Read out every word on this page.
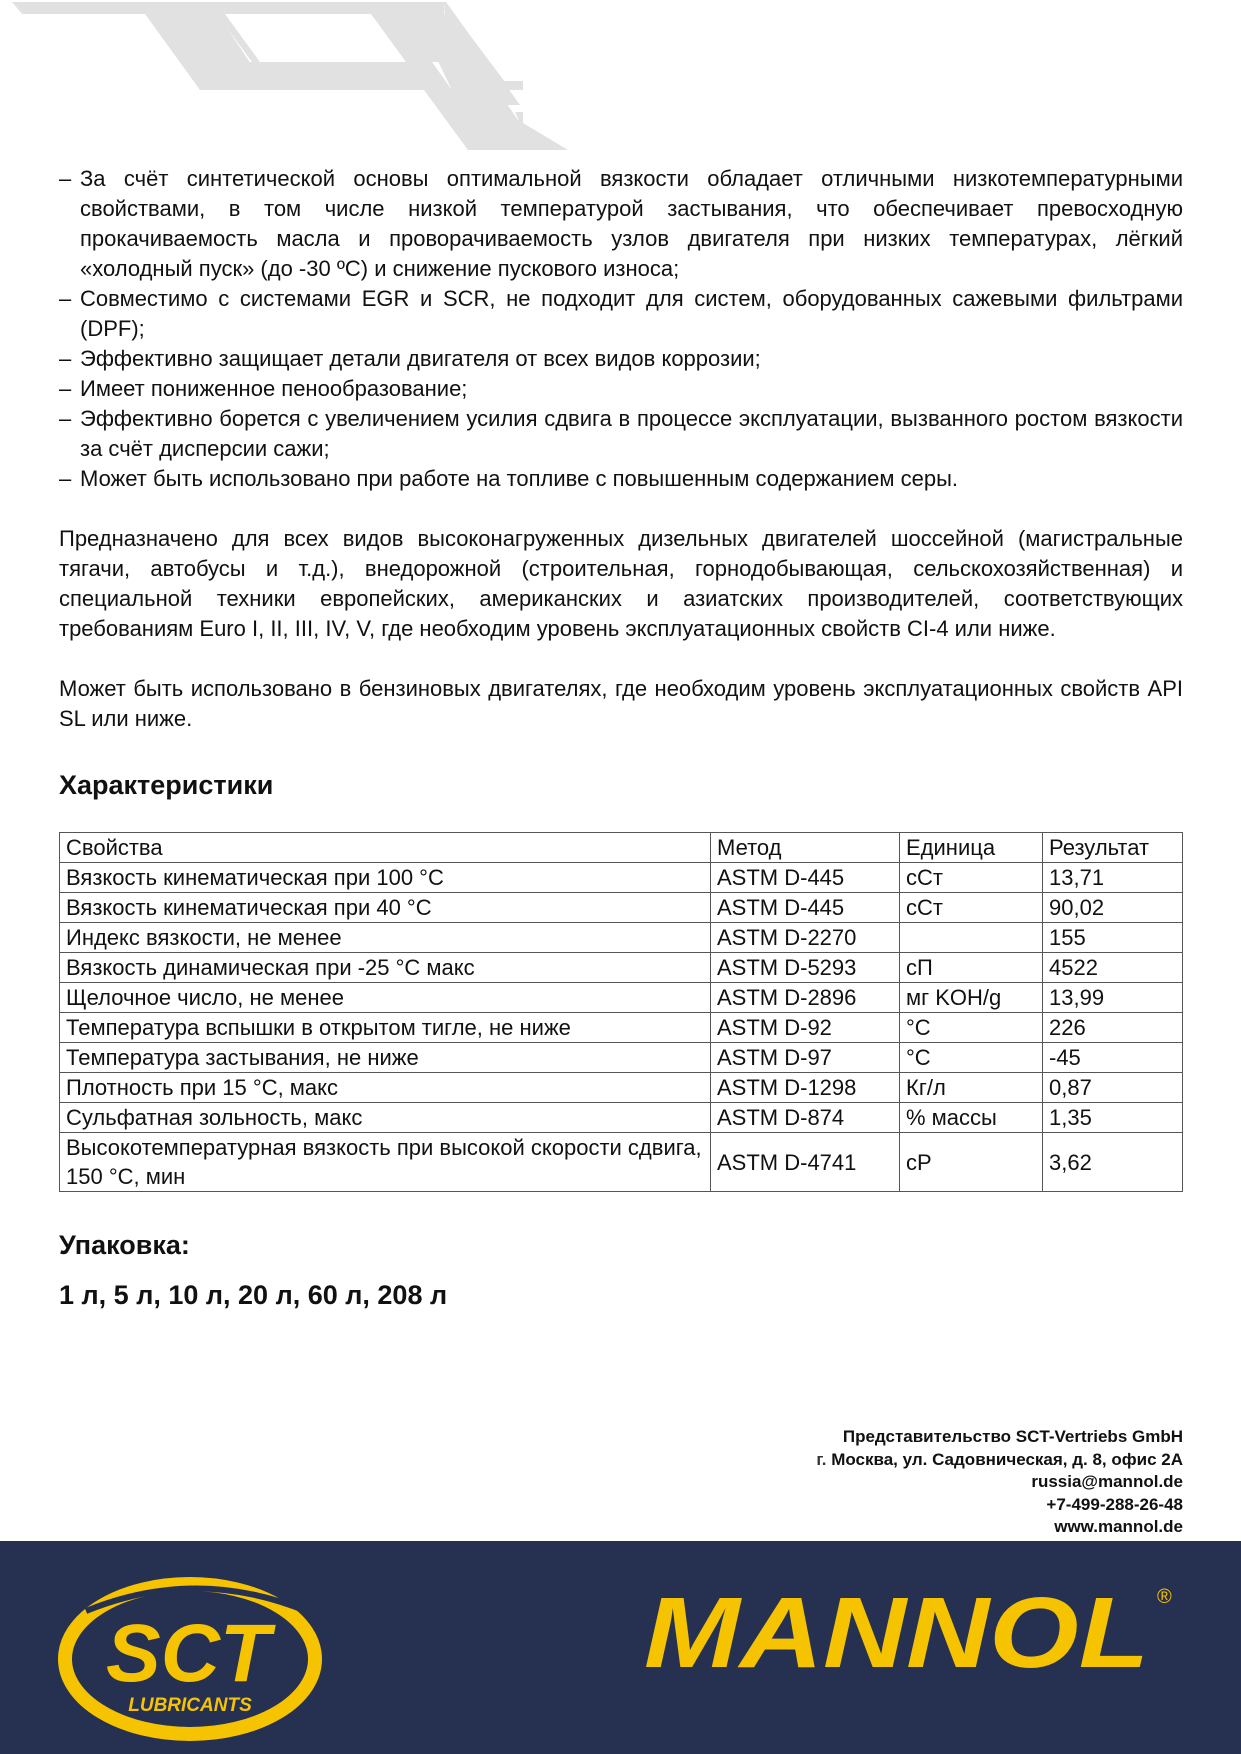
– За счёт синтетической основы оптимальной вязкости обладает отличными низкотемпературными свойствами, в том числе низкой температурой застывания, что обеспечивает превосходную прокачиваемость масла и проворачиваемость узлов двигателя при низких температурах, лёгкий «холодный пуск» (до -30 ºC) и снижение пускового износа;
– Совместимо с системами EGR и SCR, не подходит для систем, оборудованных сажевыми фильтрами (DPF);
– Эффективно защищает детали двигателя от всех видов коррозии;
– Имеет пониженное пенообразование;
– Эффективно борется с увеличением усилия сдвига в процессе эксплуатации, вызванного ростом вязкости за счёт дисперсии сажи;
– Может быть использовано при работе на топливе с повышенным содержанием серы.

Предназначено для всех видов высоконагруженных дизельных двигателей шоссейной (магистральные тягачи, автобусы и т.д.), внедорожной (строительная, горнодобывающая, сельскохозяйственная) и специальной техники европейских, американских и азиатских производителей, соответствующих требованиям Euro I, II, III, IV, V, где необходим уровень эксплуатационных свойств CI-4 или ниже.

Может быть использовано в бензиновых двигателях, где необходим уровень эксплуатационных свойств API SL или ниже.

Характеристики
Свойства	Метод	Единица	Результат
Вязкость кинематическая при 100 °C	ASTM D-445	сСт	13,71
Вязкость кинематическая при 40 °C	ASTM D-445	сСт	90,02
Индекс вязкости, не менее	ASTM D-2270		155
Вязкость динамическая при -25 °C макс	ASTM D-5293	сП	4522
Щелочное число, не менее	ASTM D-2896	мг KOH/g	13,99
Температура вспышки в открытом тигле, не ниже	ASTM D-92	°C	226
Температура застывания, не ниже	ASTM D-97	°C	-45
Плотность при 15 °C, макс	ASTM D-1298	Кг/л	0,87
Сульфатная зольность, макс	ASTM D-874	% массы	1,35
Высокотемпературная вязкость при высокой скорости сдвига, 150 °C, мин	ASTM D-4741	cP	3,62
Упаковка:
1 л, 5 л, 10 л, 20 л, 60 л, 208 л
Представительство SCT-Vertriebs GmbH
г. Москва, ул. Садовническая, д. 8, офис 2А
russia@mannol.de
+7-499-288-26-48
www.mannol.de
SCT
LUBRICANTS
MANNOL ®
